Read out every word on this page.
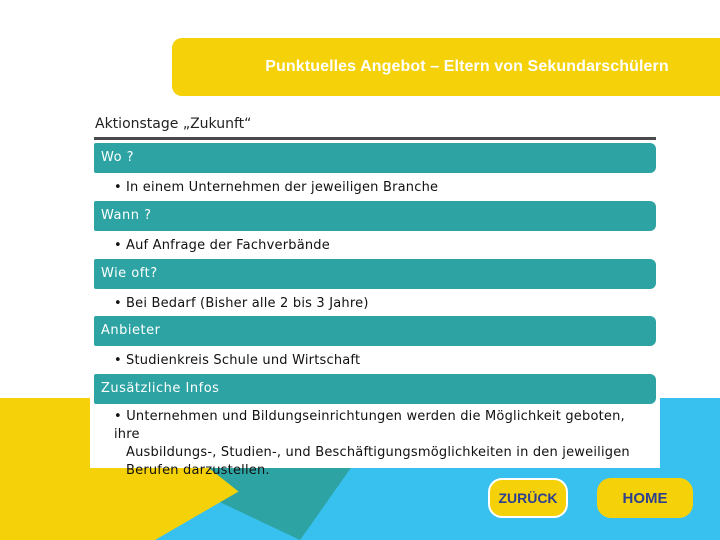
Punktuelles Angebot – Eltern von Sekundarschülern
Aktionstage „Zukunft“
Wo ?
• In einem Unternehmen der jeweiligen Branche
Wann ?
• Auf Anfrage der Fachverbände
Wie oft?
• Bei Bedarf (Bisher alle 2 bis 3 Jahre)
Anbieter
• Studienkreis Schule und Wirtschaft
Zusätzliche Infos
• Unternehmen und Bildungseinrichtungen werden die Möglichkeit geboten, ihre
Ausbildungs-, Studien-, und Beschäftigungsmöglichkeiten in den jeweiligen
Berufen darzustellen.
ZURÜCK	HOME
